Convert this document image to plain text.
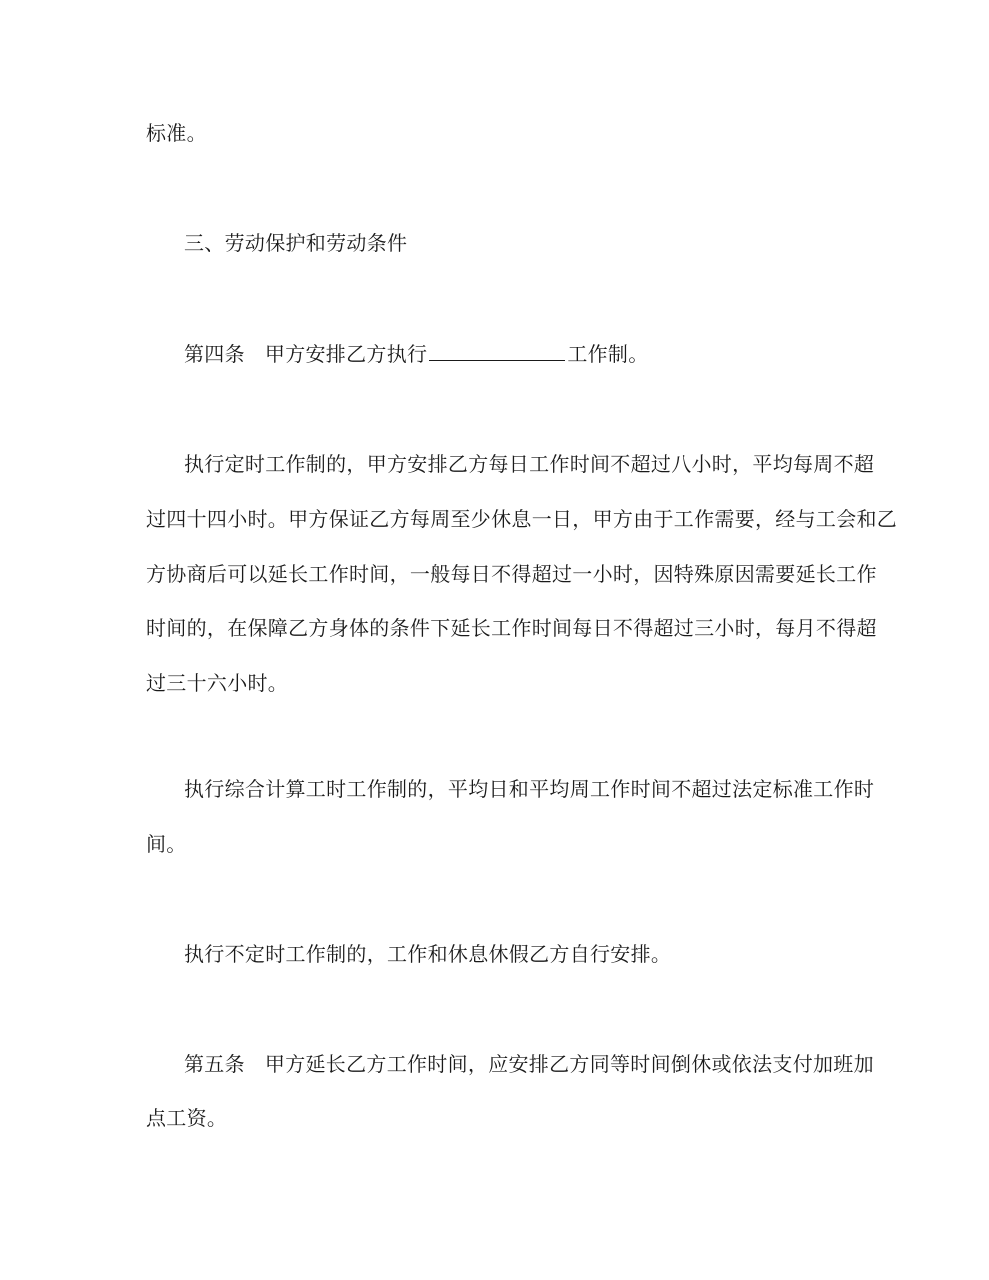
标准。
三、劳动保护和劳动条件
第四条 甲方安排乙方执行	工作制。
执行定时工作制的，甲方安排乙方每日工作时间不超过八小时，平均每周不超
过四十四小时。甲方保证乙方每周至少休息一日，甲方由于工作需要，经与工会和乙
方协商后可以延长工作时间，一般每日不得超过一小时，因特殊原因需要延长工作
时间的，在保障乙方身体的条件下延长工作时间每日不得超过三小时，每月不得超
过三十六小时。
执行综合计算工时工作制的，平均日和平均周工作时间不超过法定标准工作时
间。
执行不定时工作制的，工作和休息休假乙方自行安排。
第五条 甲方延长乙方工作时间，应安排乙方同等时间倒休或依法支付加班加
点工资。
